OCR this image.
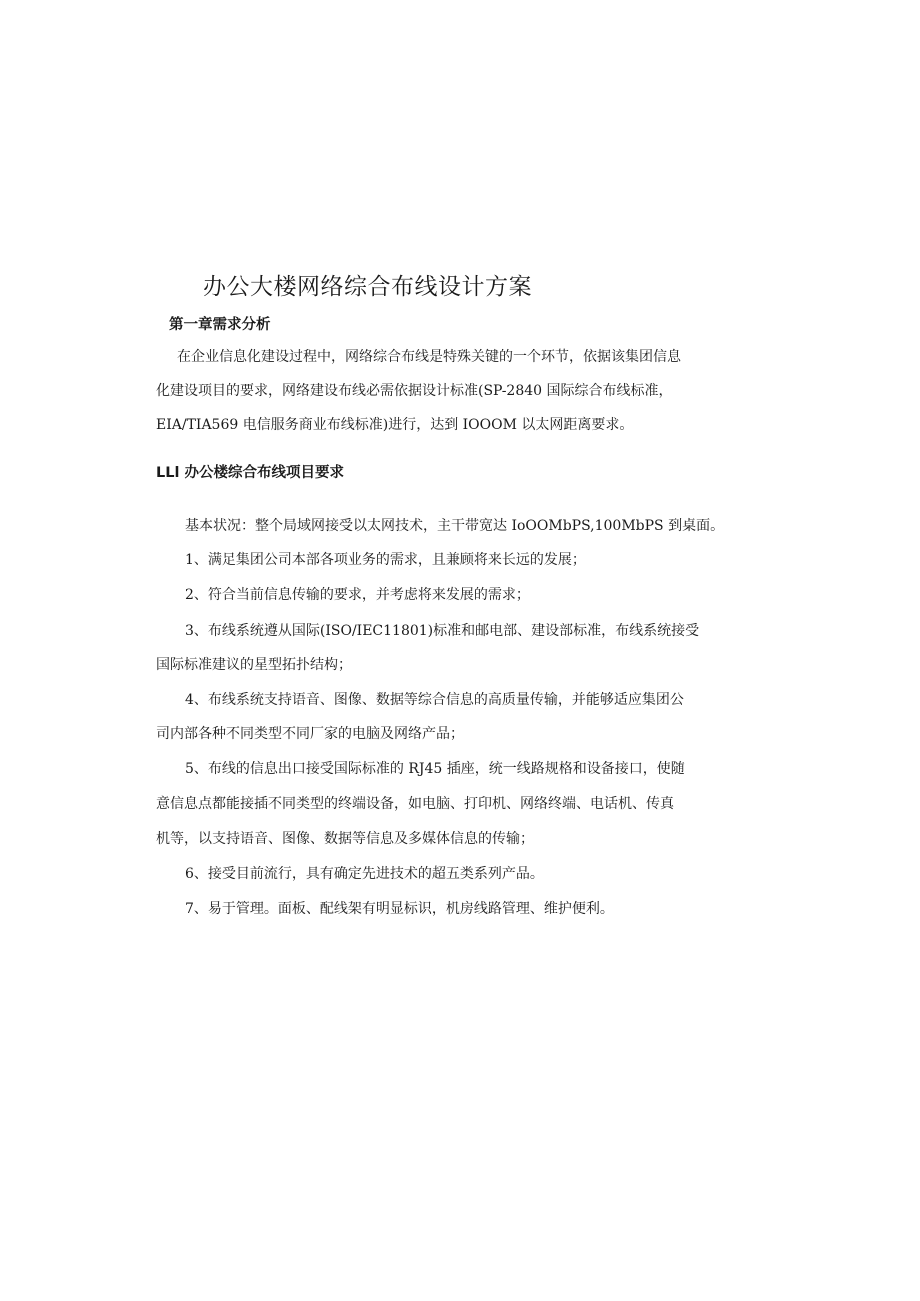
办公大楼网络综合布线设计方案
第一章需求分析

在企业信息化建设过程中，网络综合布线是特殊关键的一个环节，依据该集团信息

化建设项目的要求，网络建设布线必需依据设计标准(SP-2840 国际综合布线标准，

EIA/TIA569 电信服务商业布线标准)进行，达到 IOOOM 以太网距离要求。

LLl 办公楼综合布线项目要求

基本状况：整个局域网接受以太网技术，主干带宽达 IoOOMbPS,100MbPS 到桌面。

1、满足集团公司本部各项业务的需求，且兼顾将来长远的发展；

2、符合当前信息传输的要求，并考虑将来发展的需求；

3、布线系统遵从国际(ISO/IEC11801)标准和邮电部、建设部标准，布线系统接受

国际标准建议的星型拓扑结构；

4、布线系统支持语音、图像、数据等综合信息的高质量传输，并能够适应集团公

司内部各种不同类型不同厂家的电脑及网络产品；

5、布线的信息出口接受国际标准的 RJ45 插座，统一线路规格和设备接口，使随

意信息点都能接插不同类型的终端设备，如电脑、打印机、网络终端、电话机、传真

机等，以支持语音、图像、数据等信息及多媒体信息的传输；

6、接受目前流行，具有确定先进技术的超五类系列产品。

7、易于管理。面板、配线架有明显标识，机房线路管理、维护便利。
